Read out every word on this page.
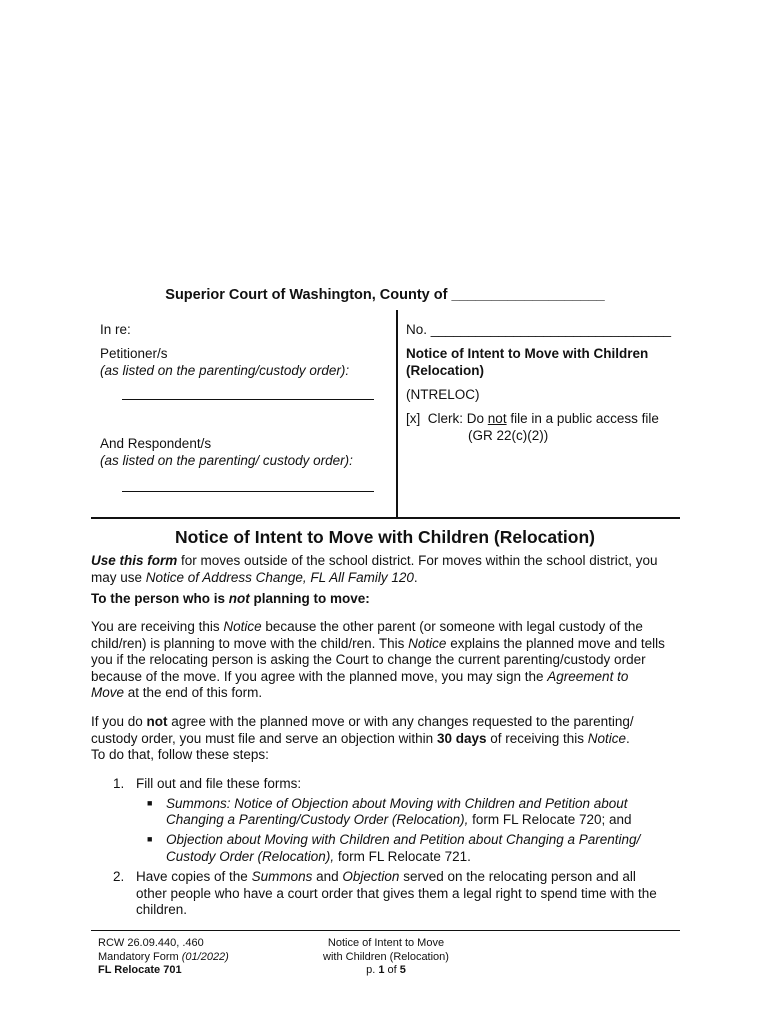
Superior Court of Washington, County of ___________________
In re:
Petitioner/s
(as listed on the parenting/custody order):
And Respondent/s
(as listed on the parenting/ custody order):
No. ________________________________
Notice of Intent to Move with Children
(Relocation)
(NTRELOC)
[x] Clerk: Do not file in a public access file
(GR 22(c)(2))
Notice of Intent to Move with Children (Relocation)
Use this form for moves outside of the school district. For moves within the school district, you
may use Notice of Address Change, FL All Family 120.
To the person who is not planning to move:
You are receiving this Notice because the other parent (or someone with legal custody of the
child/ren) is planning to move with the child/ren. This Notice explains the planned move and tells
you if the relocating person is asking the Court to change the current parenting/custody order
because of the move. If you agree with the planned move, you may sign the Agreement to
Move at the end of this form.
If you do not agree with the planned move or with any changes requested to the parenting/
custody order, you must file and serve an objection within 30 days of receiving this Notice.
To do that, follow these steps:
1. Fill out and file these forms:
■ Summons: Notice of Objection about Moving with Children and Petition about
Changing a Parenting/Custody Order (Relocation), form FL Relocate 720; and
■ Objection about Moving with Children and Petition about Changing a Parenting/
Custody Order (Relocation), form FL Relocate 721.
2. Have copies of the Summons and Objection served on the relocating person and all
other people who have a court order that gives them a legal right to spend time with the
children.
RCW 26.09.440, .460
Mandatory Form (01/2022)
FL Relocate 701
Notice of Intent to Move
with Children (Relocation)
p. 1 of 5
